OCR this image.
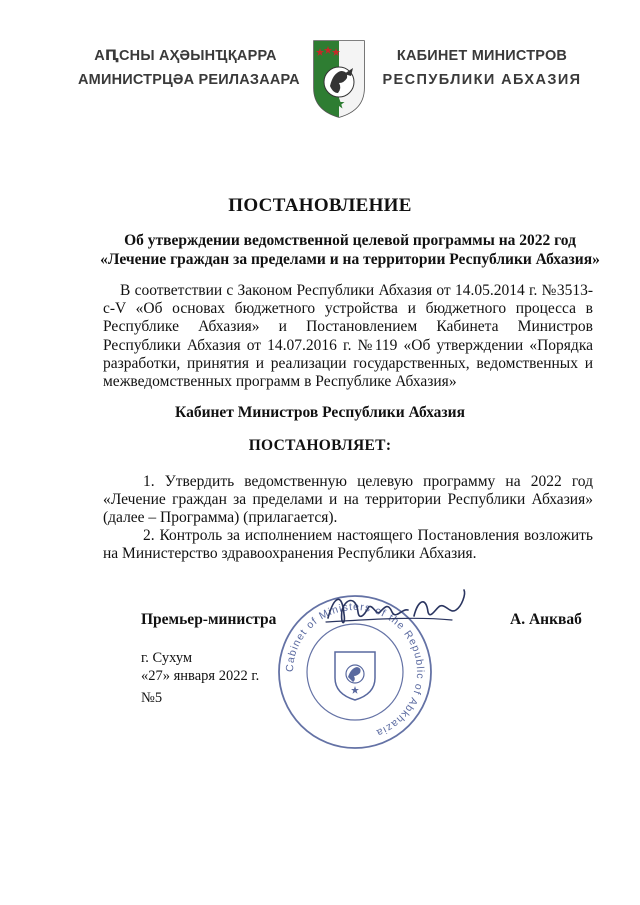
АԤСНЫ АҲӘЫНҴҚАРРА
АМИНИСТРЦӘА РЕИЛАЗААРА
КАБИНЕТ МИНИСТРОВ
РЕСПУБЛИКИ АБХАЗИЯ
ПОСТАНОВЛЕНИЕ
Об утверждении ведомственной целевой программы на 2022 год
«Лечение граждан за пределами и на территории Республики Абхазия»
В соответствии с Законом Республики Абхазия от 14.05.2014 г. №3513-с-V «Об основах бюджетного устройства и бюджетного процесса в Республике Абхазия» и Постановлением Кабинета Министров Республики Абхазия от 14.07.2016 г. №119 «Об утверждении «Порядка разработки, принятия и реализации государственных, ведомственных и межведомственных программ в Республике Абхазия»
Кабинет Министров Республики Абхазия
ПОСТАНОВЛЯЕТ:
1. Утвердить ведомственную целевую программу на 2022 год «Лечение граждан за пределами и на территории Республики Абхазия» (далее – Программа) (прилагается).
2. Контроль за исполнением настоящего Постановления возложить на Министерство здравоохранения Республики Абхазия.
Cabinet of Ministers of the Republic of Abkhazia
Премьер-министра	А. Анкваб
г. Сухум
«27» января 2022 г.
№5
